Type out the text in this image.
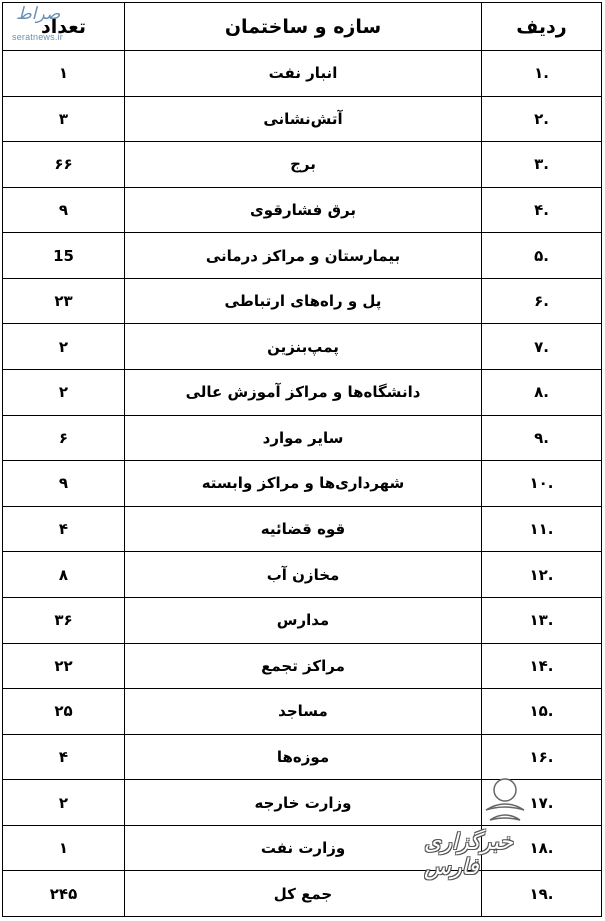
ردیف	سازه و ساختمان	تعداد
.۱	انبار نفت	۱
.۲	آتش‌نشانی	۳
.۳	برج	۶۶
.۴	برق فشارقوی	۹
.۵	بیمارستان و مراکز درمانی	15
.۶	پل و راه‌های ارتباطی	۲۳
.۷	پمپ‌بنزین	۲
.۸	دانشگاه‌ها و مراکز آموزش عالی	۲
.۹	سایر موارد	۶
.۱۰	شهرداری‌ها و مراکز وابسته	۹
.۱۱	قوه قضائیه	۴
.۱۲	مخازن آب	۸
.۱۳	مدارس	۳۶
.۱۴	مراکز تجمع	۲۲
.۱۵	مساجد	۲۵
.۱۶	موزه‌ها	۴
.۱۷	وزارت خارجه	۲
.۱۸	وزارت نفت	۱
.۱۹	جمع کل	۲۴۵
صراط
seratnews.ir
خبرگزاری فارس
